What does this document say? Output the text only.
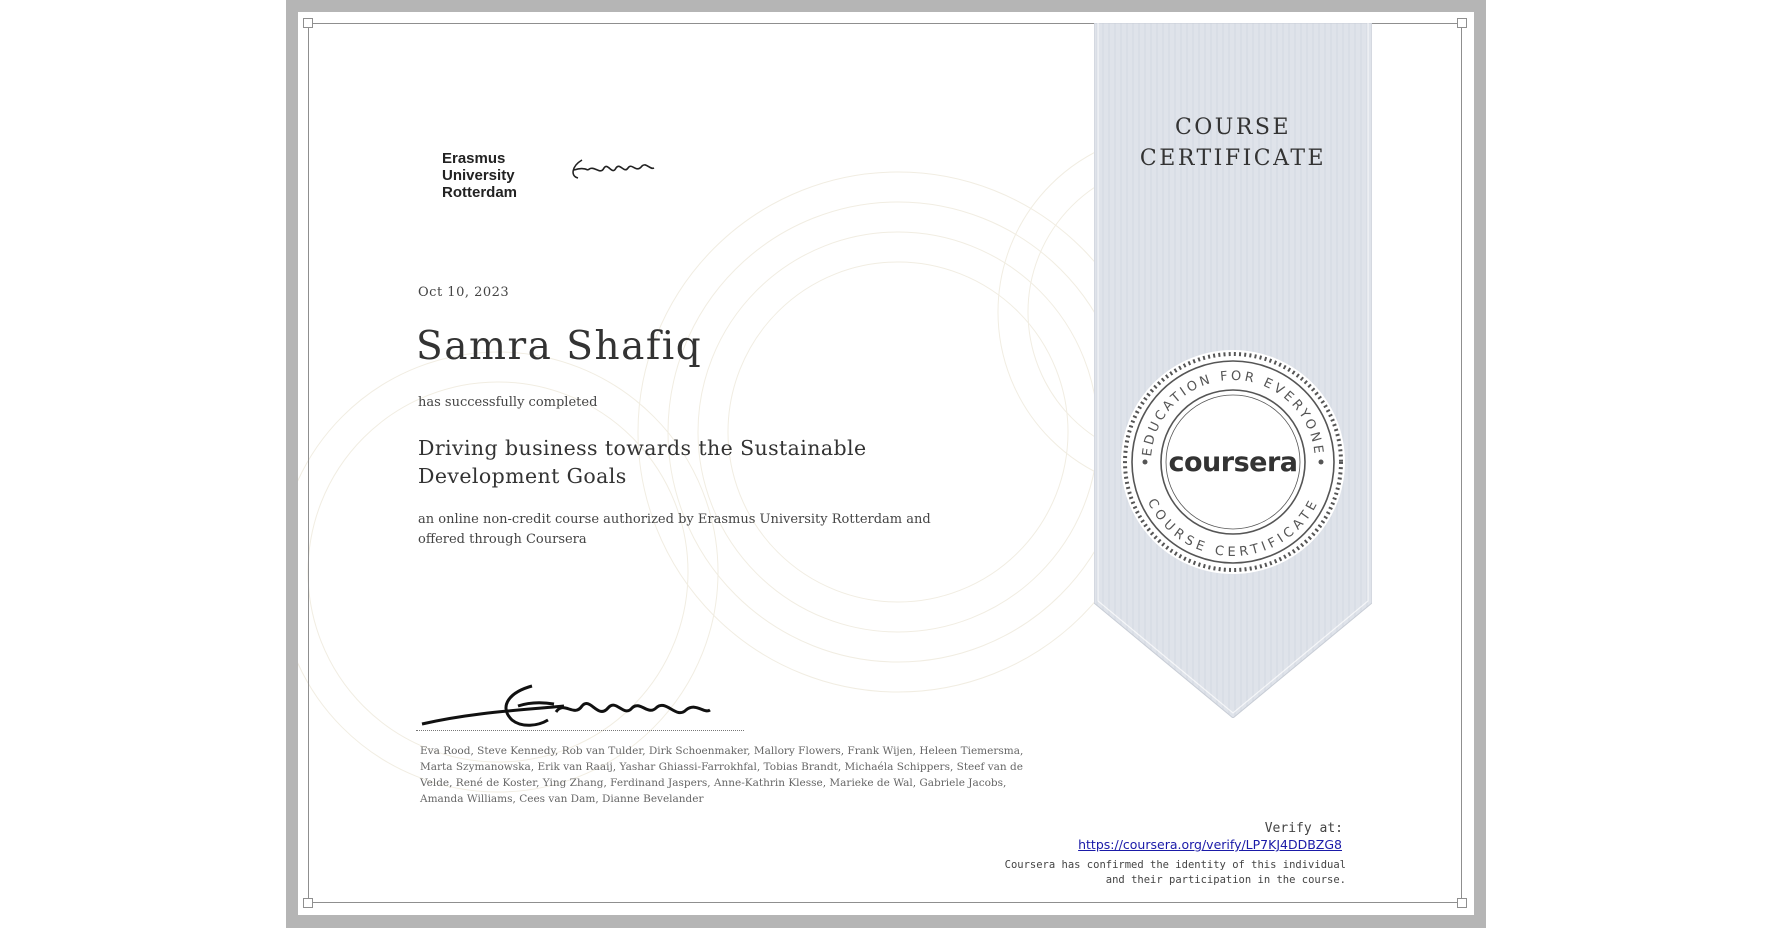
Erasmus
University
Rotterdam
Oct 10, 2023
Samra Shafiq
has successfully completed
Driving business towards the Sustainable Development Goals
an online non-credit course authorized by Erasmus University Rotterdam and offered through Coursera
Eva Rood, Steve Kennedy, Rob van Tulder, Dirk Schoenmaker, Mallory Flowers, Frank Wijen, Heleen Tiemersma, Marta Szymanowska, Erik van Raaij, Yashar Ghiassi-Farrokhfal, Tobias Brandt, Michaéla Schippers, Steef van de Velde, René de Koster, Ying Zhang, Ferdinand Jaspers, Anne-Kathrin Klesse, Marieke de Wal, Gabriele Jacobs, Amanda Williams, Cees van Dam, Dianne Bevelander
COURSE
CERTIFICATE
EDUCATION FOR EVERYONE
COURSE CERTIFICATE
coursera
Verify at:
https://coursera.org/verify/LP7KJ4DDBZG8
Coursera has confirmed the identity of this individual and their participation in the course.
